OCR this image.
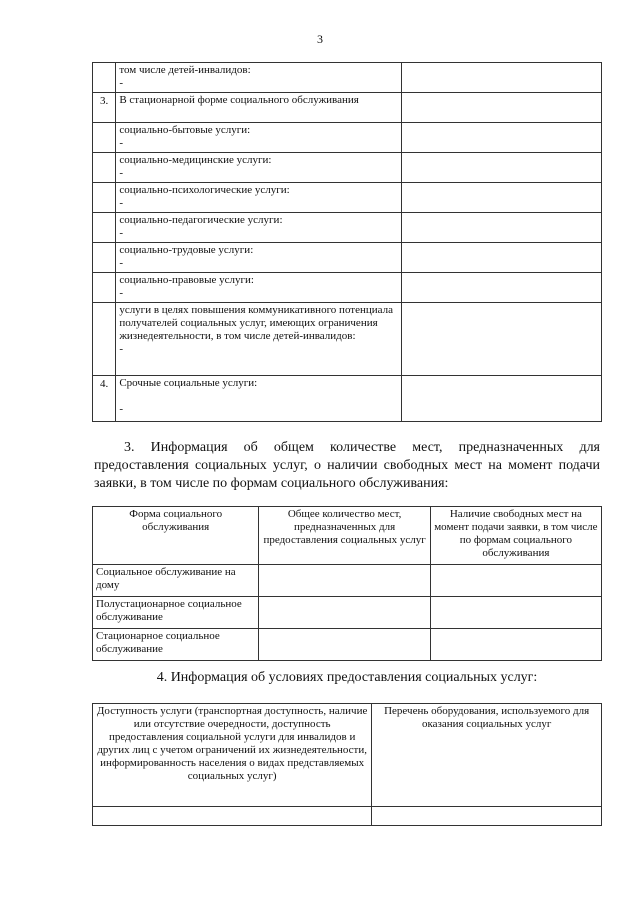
3
	том числе детей-инвалидов:
-	

3.	В стационарной форме социального обслуживания	
	социально-бытовые услуги:
-	

	социально-медицинские услуги:
-	

	социально-психологические услуги:
-	

	социально-педагогические услуги:
-	

	социально-трудовые услуги:
-	

	социально-правовые услуги:
-	

	услуги в целях повышения коммуникативного потенциала получателей социальных услуг, имеющих ограничения жизнедеятельности, в том числе детей-инвалидов:
-	

4.	Срочные социальные услуги:
-	

3. Информация об общем количестве мест, предназначенных для предоставления социальных услуг, о наличии свободных мест на момент подачи заявки, в том числе по формам социального обслуживания:
Форма социального обслуживания	Общее количество мест, предназначенных для предоставления социальных услуг	Наличие свободных мест на момент подачи заявки, в том числе по формам социального обслуживания
Социальное обслуживание на дому		
Полустационарное социальное обслуживание		
Стационарное социальное обслуживание		
4. Информация об условиях предоставления социальных услуг:
Доступность услуги (транспортная доступность, наличие или отсутствие очередности, доступность предоставления социальной услуги для инвалидов и других лиц с учетом ограничений их жизнедеятельности, информированность населения о видах представляемых социальных услуг)	Перечень оборудования, используемого для оказания социальных услуг
